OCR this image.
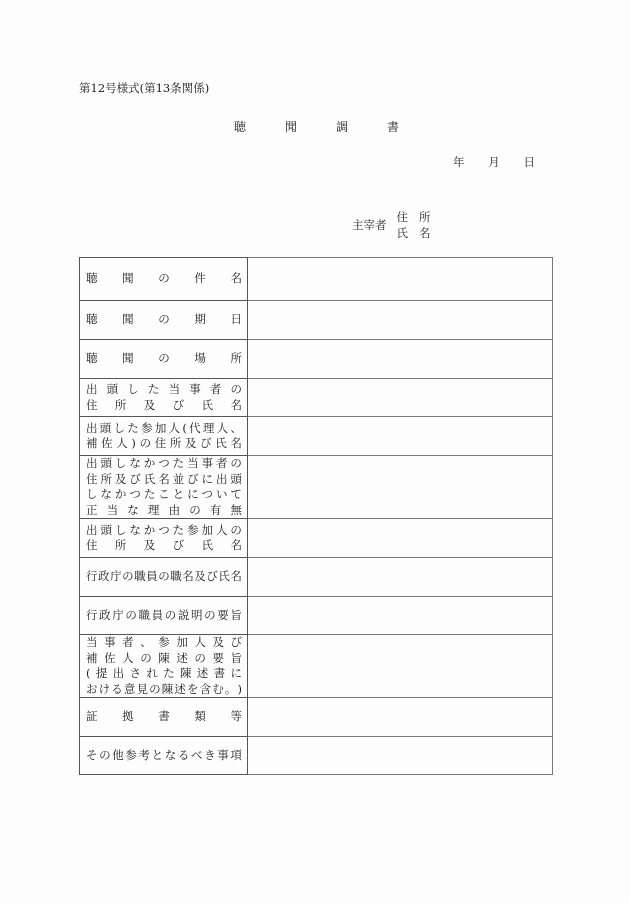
第12号様式(第13条関係)
聴	聞	調	書
年 月 日
主宰者
住 所
氏 名
聴 聞 の 件 名	

聴 聞 の 期 日	

聴 聞 の 場 所	

出 頭 し た 当 事 者 の
住 所 及 び 氏 名

出 頭 し た 参 加 人 ( 代 理 人 、
補 佐 人 ) の 住 所 及 び 氏 名

出 頭 し な か つ た 当 事 者 の
住 所 及 び 氏 名 並 び に 出 頭
し な か つ た こ と に つ い て
正 当 な 理 由 の 有 無

出 頭 し な か つ た 参 加 人 の
住 所 及 び 氏 名

行 政 庁 の 職 員 の 職 名 及 び 氏 名

行 政 庁 の 職 員 の 説 明 の 要 旨

当 事 者 、 参 加 人 及 び
補 佐 人 の 陳 述 の 要 旨
( 提 出 さ れ た 陳 述 書 に
お け る 意 見 の 陳 述 を 含 む 。 )

証 拠 書 類 等	

そ の 他 参 考 と な る べ き 事 項
